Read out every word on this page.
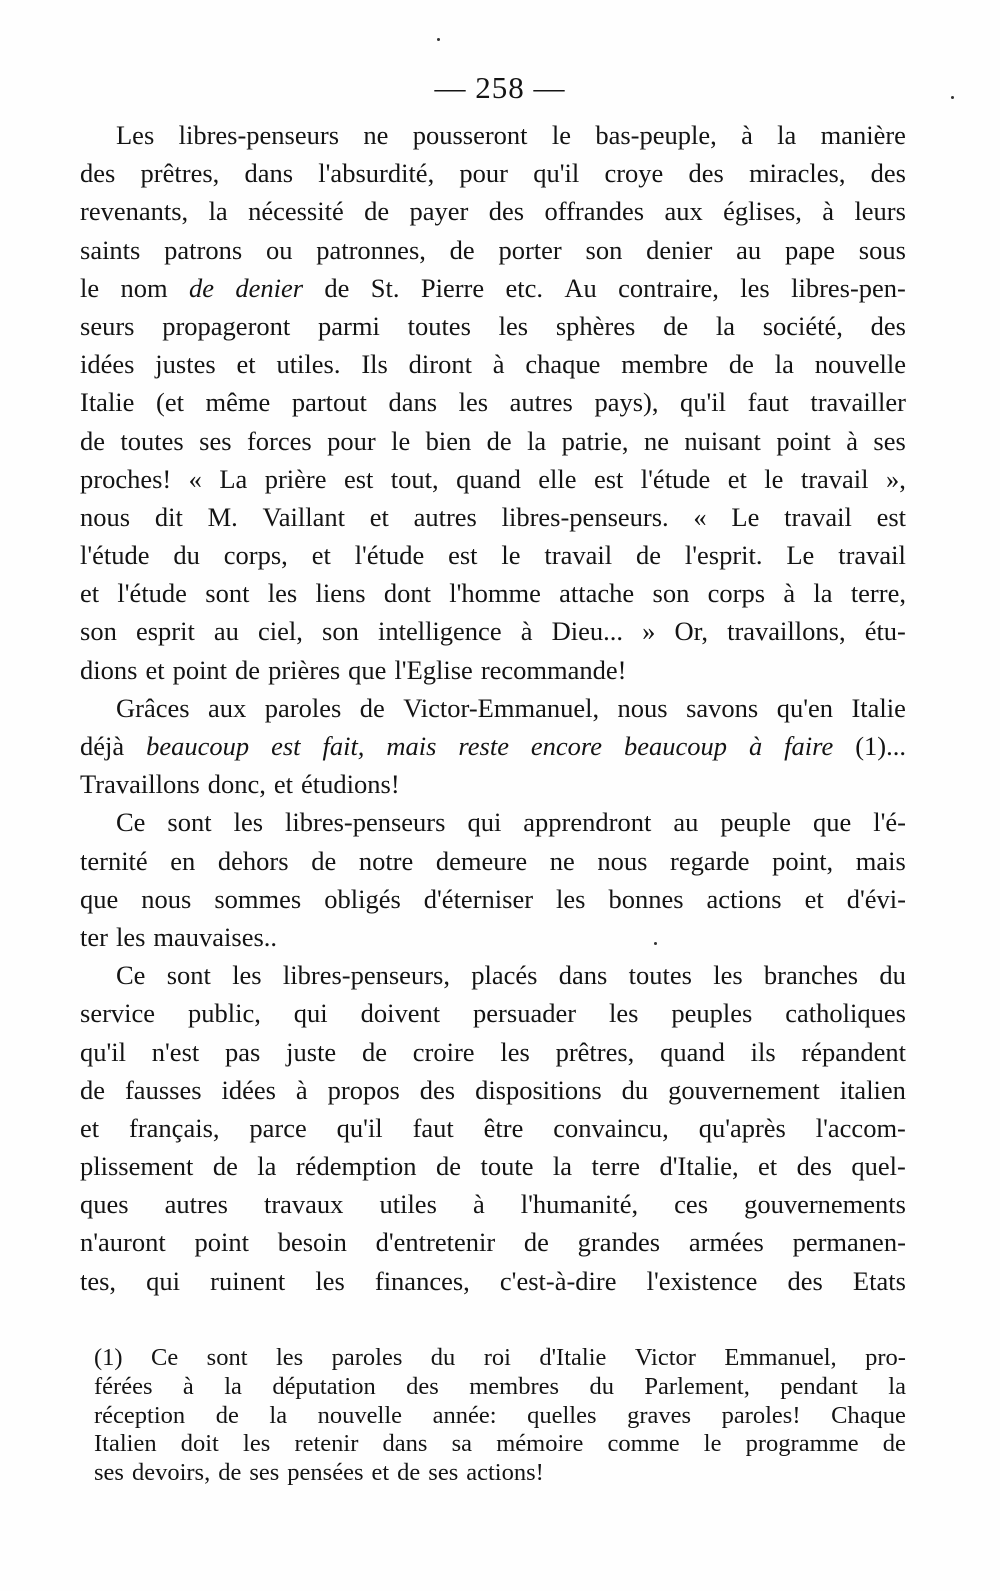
— 258 —
Les libres-penseurs ne pousseront le bas-peuple, à la manière
des prêtres, dans l'absurdité, pour qu'il croye des miracles, des
revenants, la nécessité de payer des offrandes aux églises, à leurs
saints patrons ou patronnes, de porter son denier au pape sous
le nom de denier de St. Pierre etc. Au contraire, les libres-pen-
seurs propageront parmi toutes les sphères de la société, des
idées justes et utiles. Ils diront à chaque membre de la nouvelle
Italie (et même partout dans les autres pays), qu'il faut travailler
de toutes ses forces pour le bien de la patrie, ne nuisant point à ses
proches! « La prière est tout, quand elle est l'étude et le travail »,
nous dit M. Vaillant et autres libres-penseurs. « Le travail est
l'étude du corps, et l'étude est le travail de l'esprit. Le travail
et l'étude sont les liens dont l'homme attache son corps à la terre,
son esprit au ciel, son intelligence à Dieu... » Or, travaillons, étu-
dions et point de prières que l'Eglise recommande!
Grâces aux paroles de Victor-Emmanuel, nous savons qu'en Italie
déjà beaucoup est fait, mais reste encore beaucoup à faire (1)...
Travaillons donc, et étudions!
Ce sont les libres-penseurs qui apprendront au peuple que l'é-
ternité en dehors de notre demeure ne nous regarde point, mais
que nous sommes obligés d'éterniser les bonnes actions et d'évi-
ter les mauvaises..
Ce sont les libres-penseurs, placés dans toutes les branches du
service public, qui doivent persuader les peuples catholiques
qu'il n'est pas juste de croire les prêtres, quand ils répandent
de fausses idées à propos des dispositions du gouvernement italien
et français, parce qu'il faut être convaincu, qu'après l'accom-
plissement de la rédemption de toute la terre d'Italie, et des quel-
ques autres travaux utiles à l'humanité, ces gouvernements
n'auront point besoin d'entretenir de grandes armées permanen-
tes, qui ruinent les finances, c'est-à-dire l'existence des Etats
(1) Ce sont les paroles du roi d'Italie Victor Emmanuel, pro-
férées à la députation des membres du Parlement, pendant la
réception de la nouvelle année: quelles graves paroles! Chaque
Italien doit les retenir dans sa mémoire comme le programme de
ses devoirs, de ses pensées et de ses actions!
